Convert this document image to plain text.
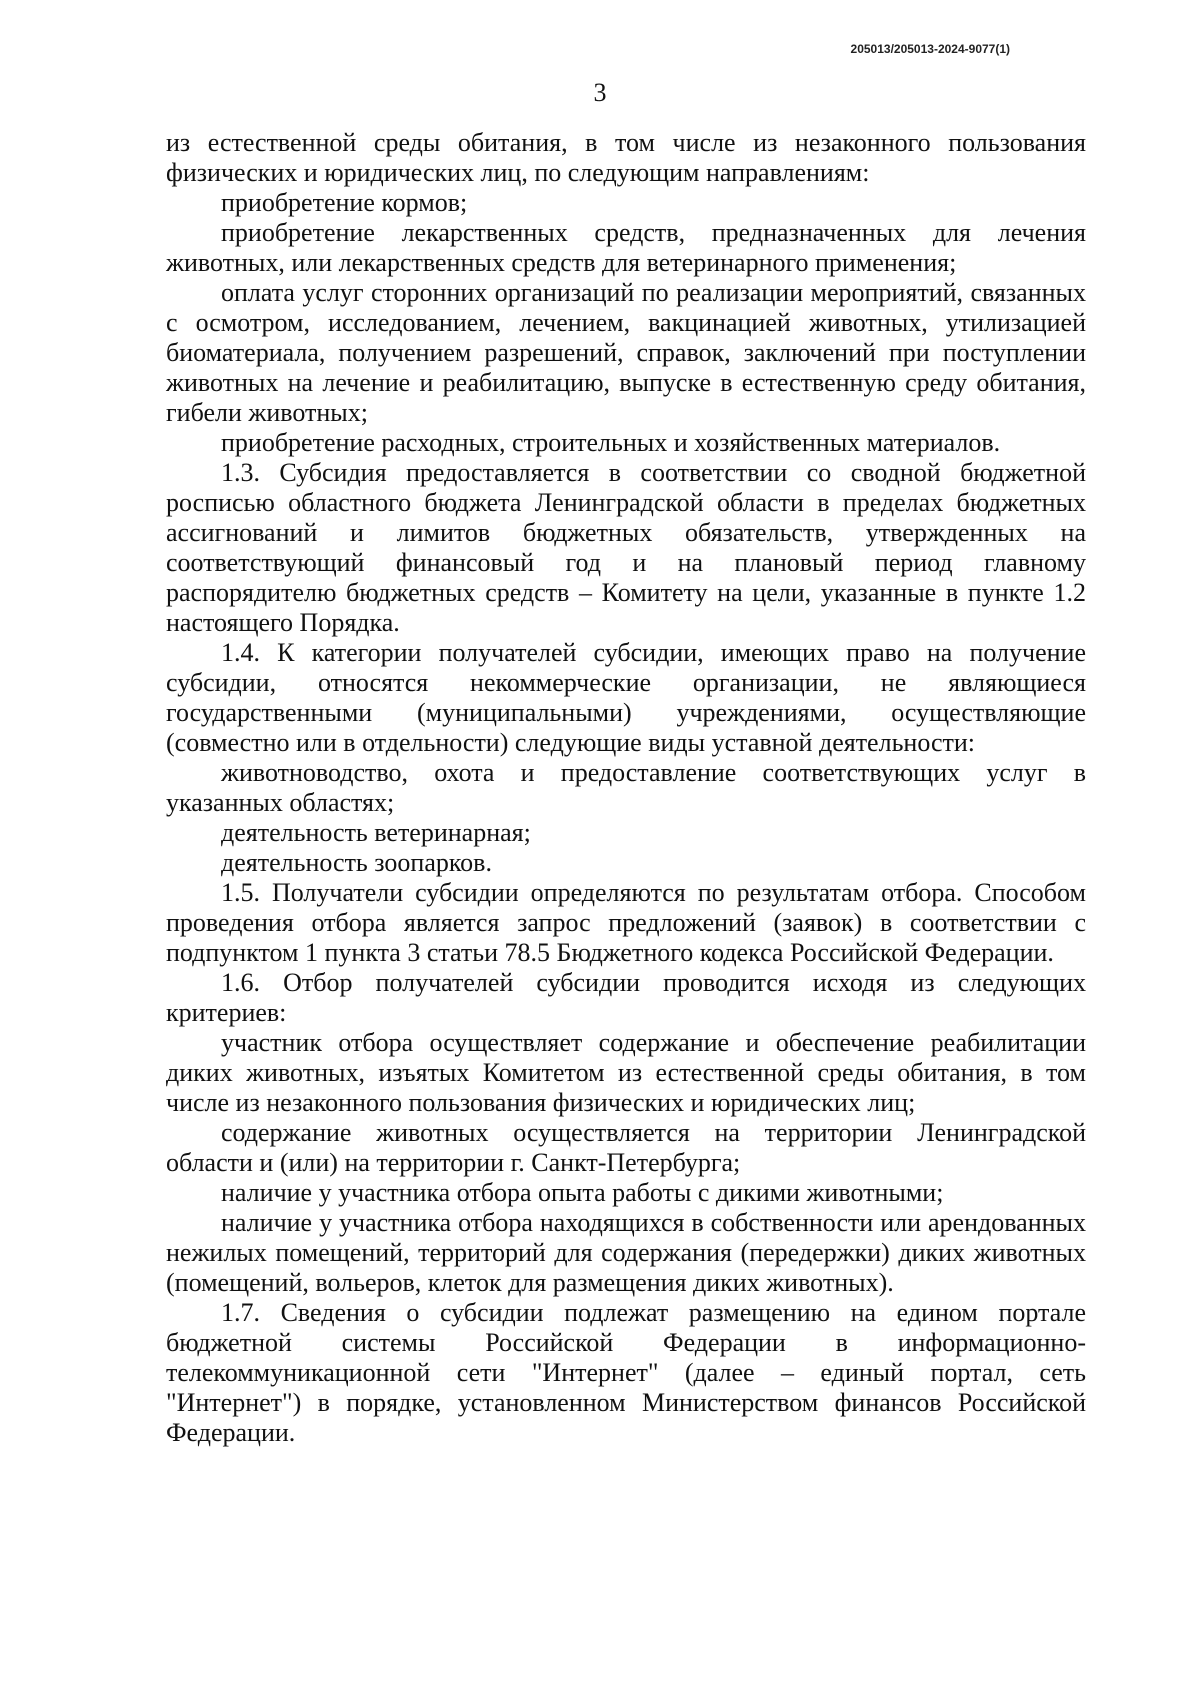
205013/205013-2024-9077(1)
3

из естественной среды обитания, в том числе из незаконного пользования физических и юридических лиц, по следующим направлениям:

приобретение кормов;

приобретение лекарственных средств, предназначенных для лечения животных, или лекарственных средств для ветеринарного применения;

оплата услуг сторонних организаций по реализации мероприятий, связанных с осмотром, исследованием, лечением, вакцинацией животных, утилизацией биоматериала, получением разрешений, справок, заключений при поступлении животных на лечение и реабилитацию, выпуске в естественную среду обитания, гибели животных;

приобретение расходных, строительных и хозяйственных материалов.

1.3. Субсидия предоставляется в соответствии со сводной бюджетной росписью областного бюджета Ленинградской области в пределах бюджетных ассигнований и лимитов бюджетных обязательств, утвержденных на соответствующий финансовый год и на плановый период главному распорядителю бюджетных средств – Комитету на цели, указанные в пункте 1.2 настоящего Порядка.

1.4. К категории получателей субсидии, имеющих право на получение субсидии, относятся некоммерческие организации, не являющиеся государственными (муниципальными) учреждениями, осуществляющие (совместно или в отдельности) следующие виды уставной деятельности:

животноводство, охота и предоставление соответствующих услуг в указанных областях;

деятельность ветеринарная;

деятельность зоопарков.

1.5. Получатели субсидии определяются по результатам отбора. Способом проведения отбора является запрос предложений (заявок) в соответствии с подпунктом 1 пункта 3 статьи 78.5 Бюджетного кодекса Российской Федерации.

1.6. Отбор получателей субсидии проводится исходя из следующих критериев:

участник отбора осуществляет содержание и обеспечение реабилитации диких животных, изъятых Комитетом из естественной среды обитания, в том числе из незаконного пользования физических и юридических лиц;

содержание животных осуществляется на территории Ленинградской области и (или) на территории г. Санкт-Петербурга;

наличие у участника отбора опыта работы с дикими животными;

наличие у участника отбора находящихся в собственности или арендованных нежилых помещений, территорий для содержания (передержки) диких животных (помещений, вольеров, клеток для размещения диких животных).

1.7. Сведения о субсидии подлежат размещению на едином портале бюджетной системы Российской Федерации в информационно-телекоммуникационной сети "Интернет" (далее – единый портал, сеть "Интернет") в порядке, установленном Министерством финансов Российской Федерации.
